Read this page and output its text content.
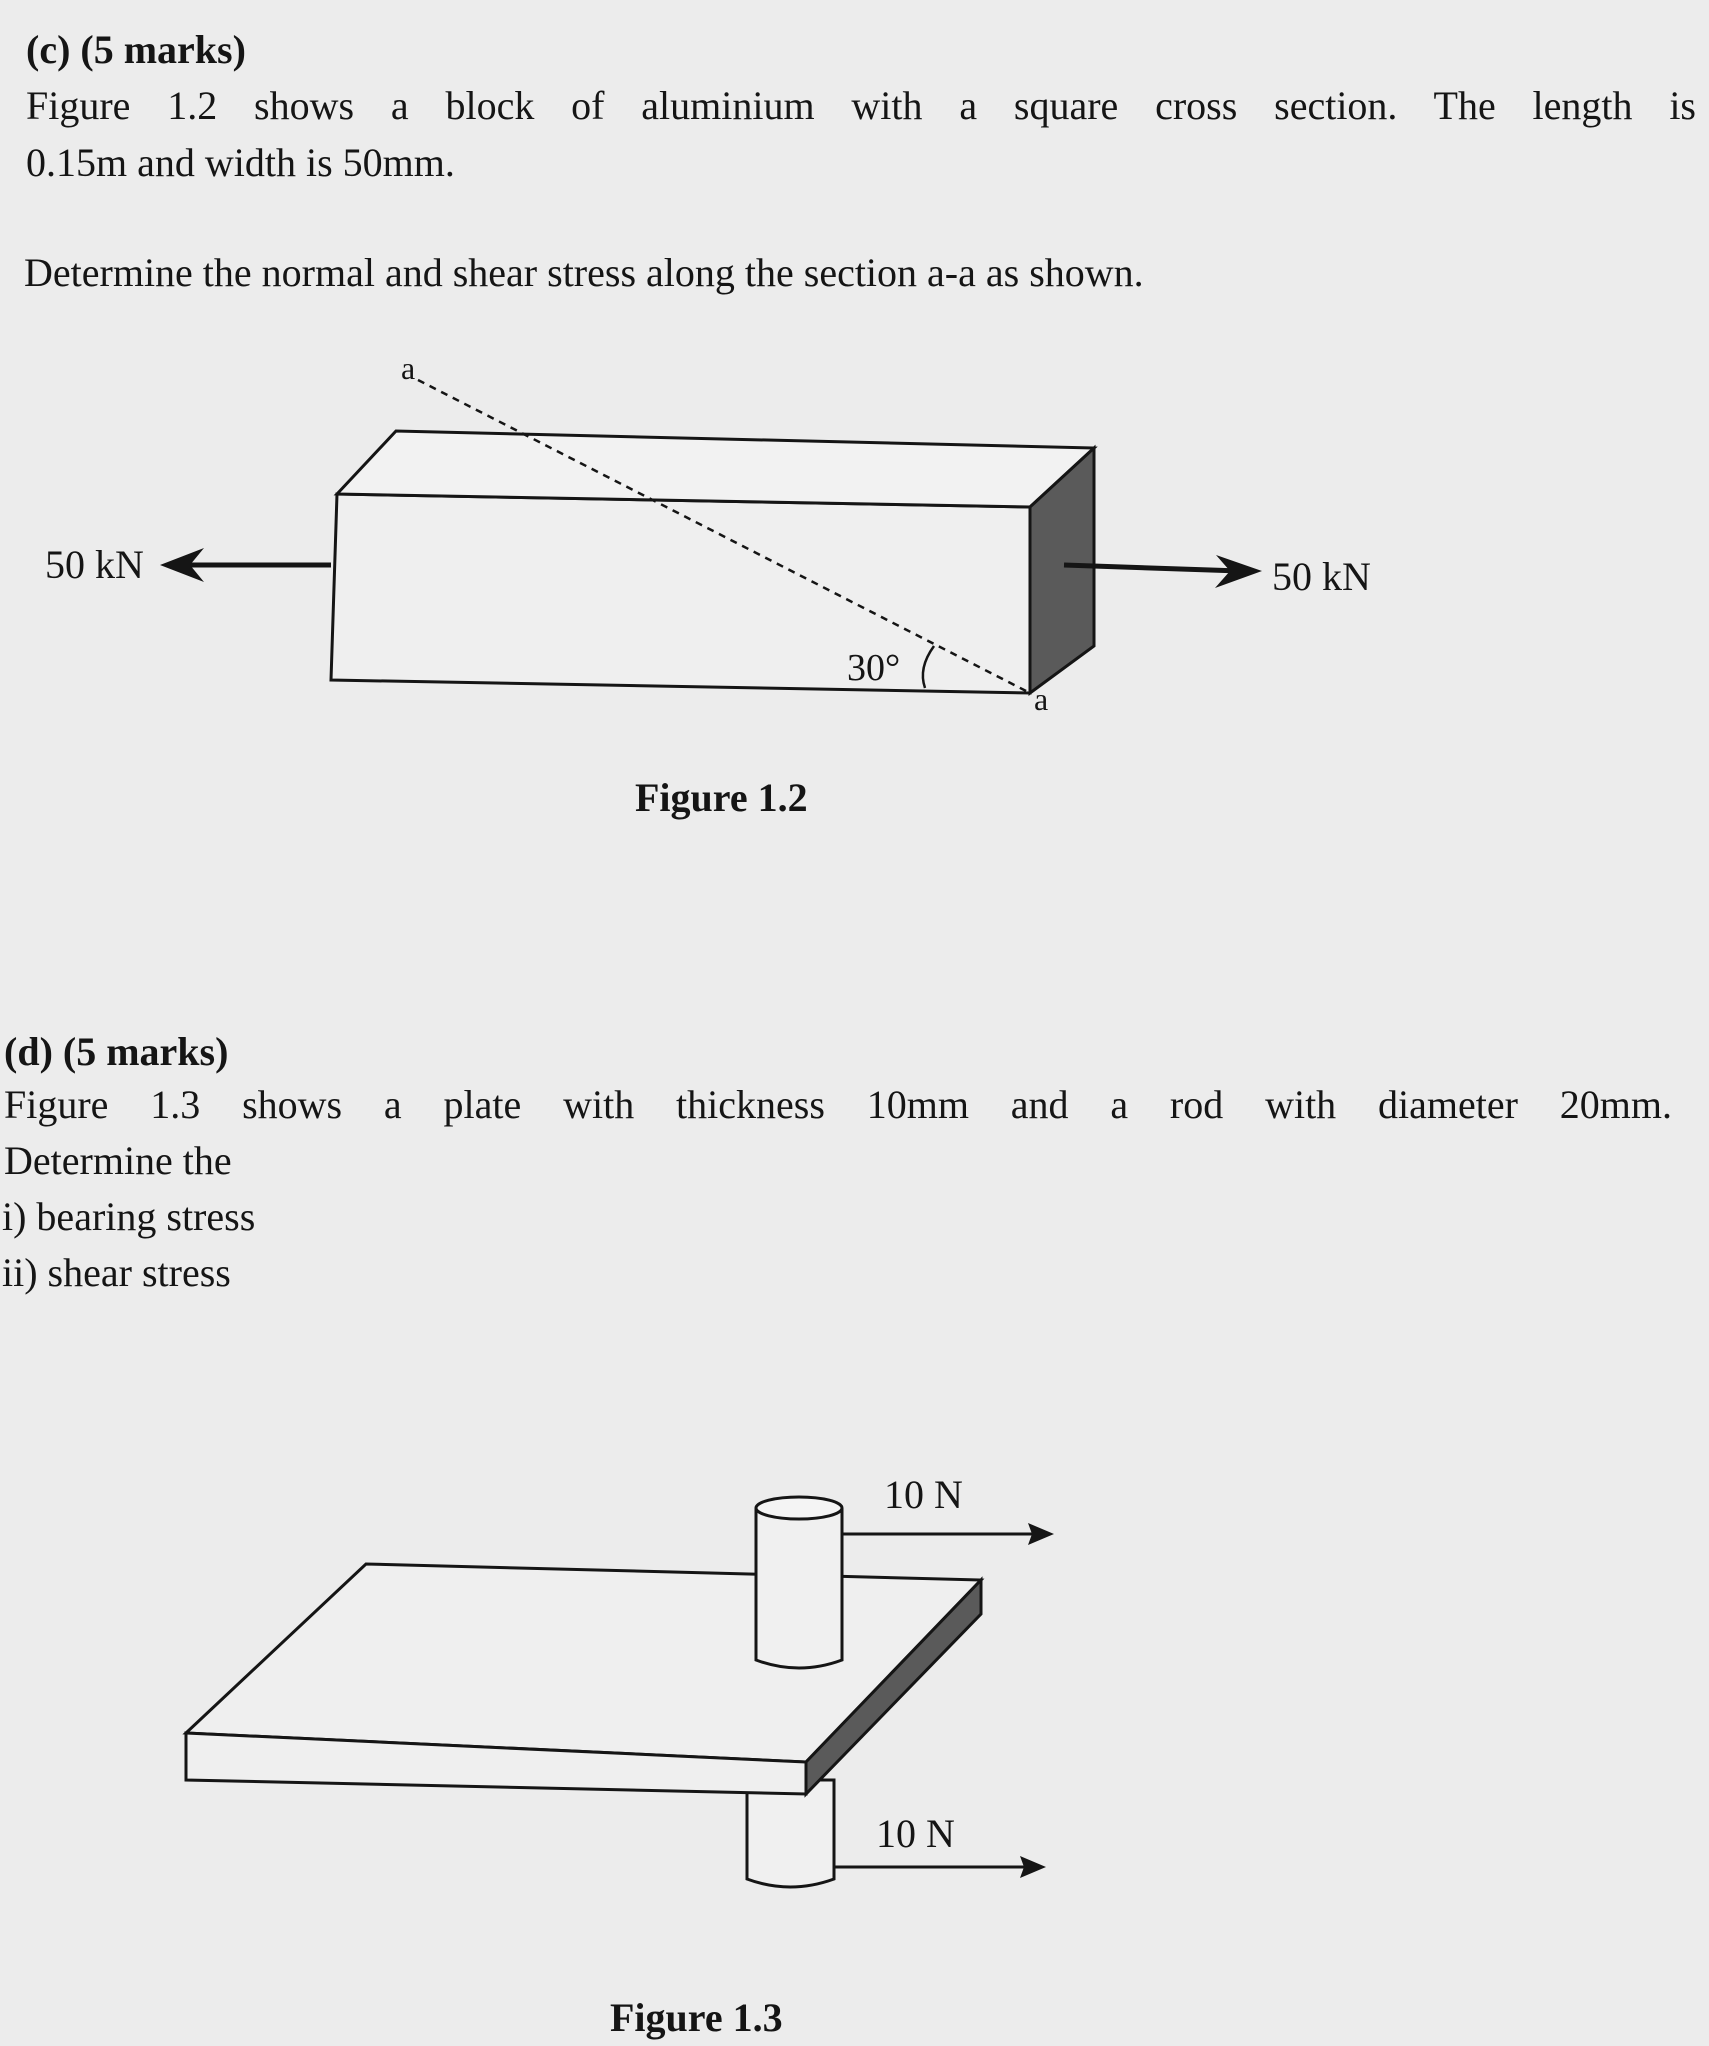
(c) (5 marks)
Figure 1.2 shows a block of aluminium with a square cross section. The length is
0.15m and width is 50mm.
Determine the normal and shear stress along the section a-a as shown.
50 kN	50 kN
a
a
30°
Figure 1.2
(d) (5 marks)
Figure 1.3 shows a plate with thickness 10mm and a rod with diameter 20mm.
Determine the
i) bearing stress
ii) shear stress
10 N
10 N
Figure 1.3
